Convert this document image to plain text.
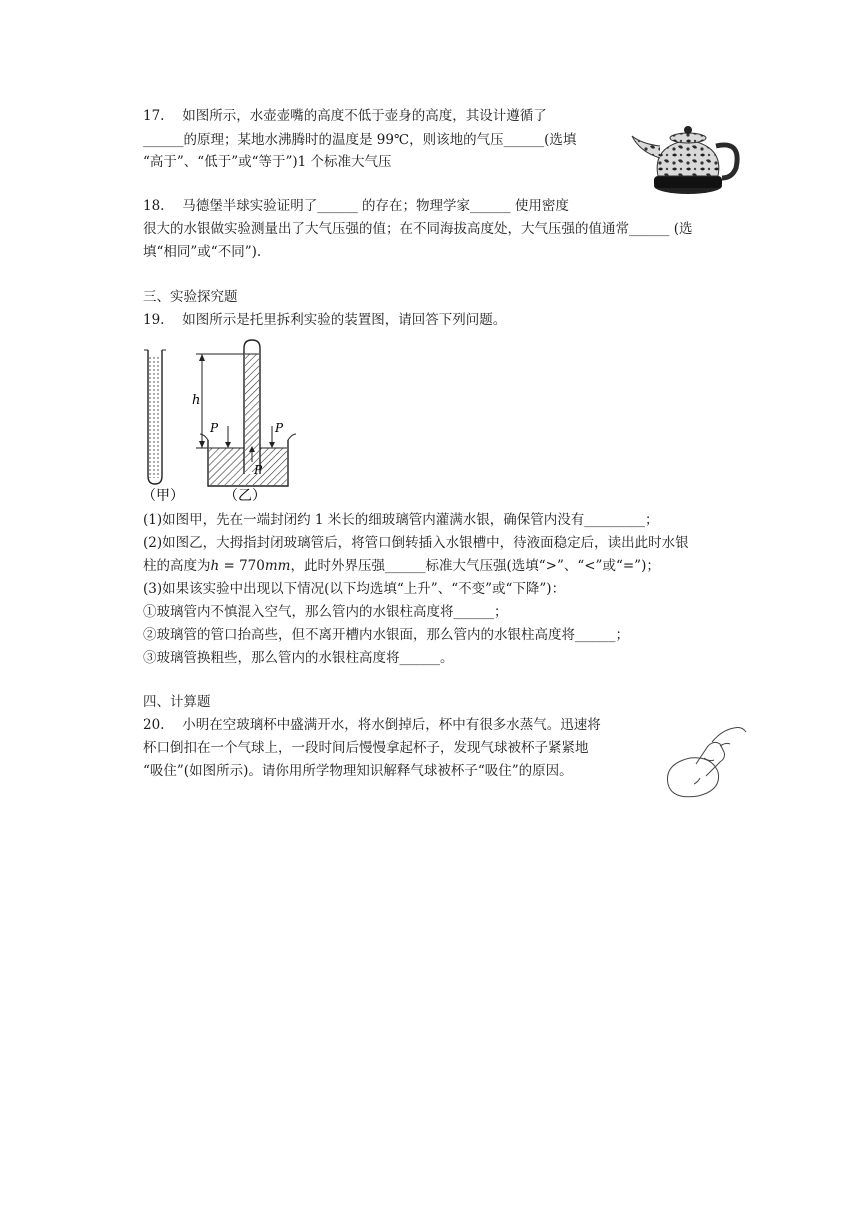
17.　 如图所示，水壶壶嘴的高度不低于壶身的高度，其设计遵循了
______的原理；某地水沸腾时的温度是 99℃，则该地的气压______(选填
“高于”、“低于”或“等于”)1 个标准大气压
18.　 马德堡半球实验证明了______ 的存在；物理学家______ 使用密度
很大的水银做实验测量出了大气压强的值；在不同海拔高度处，大气压强的值通常______ (选
填“相同”或“不同”).
三、实验探究题
19.　 如图所示是托里拆利实验的装置图，请回答下列问题。
h
P	P
P
（甲）	（乙）
(1)如图甲，先在一端封闭约 1 米长的细玻璃管内灌满水银，确保管内没有_________；
(2)如图乙，大拇指封闭玻璃管后，将管口倒转插入水银槽中，待液面稳定后，读出此时水银
柱的高度为ℎ = 770𝑚𝑚，此时外界压强______标准大气压强(选填“>”、“<”或“=”)；
(3)如果该实验中出现以下情况(以下均选填“上升”、“不变”或“下降”)：
①玻璃管内不慎混入空气，那么管内的水银柱高度将______；
②玻璃管的管口抬高些，但不离开槽内水银面，那么管内的水银柱高度将______；
③玻璃管换粗些，那么管内的水银柱高度将______。
四、计算题
20.　 小明在空玻璃杯中盛满开水，将水倒掉后，杯中有很多水蒸气。迅速将
杯口倒扣在一个气球上，一段时间后慢慢拿起杯子，发现气球被杯子紧紧地
“吸住”(如图所示)。请你用所学物理知识解释气球被杯子“吸住”的原因。
